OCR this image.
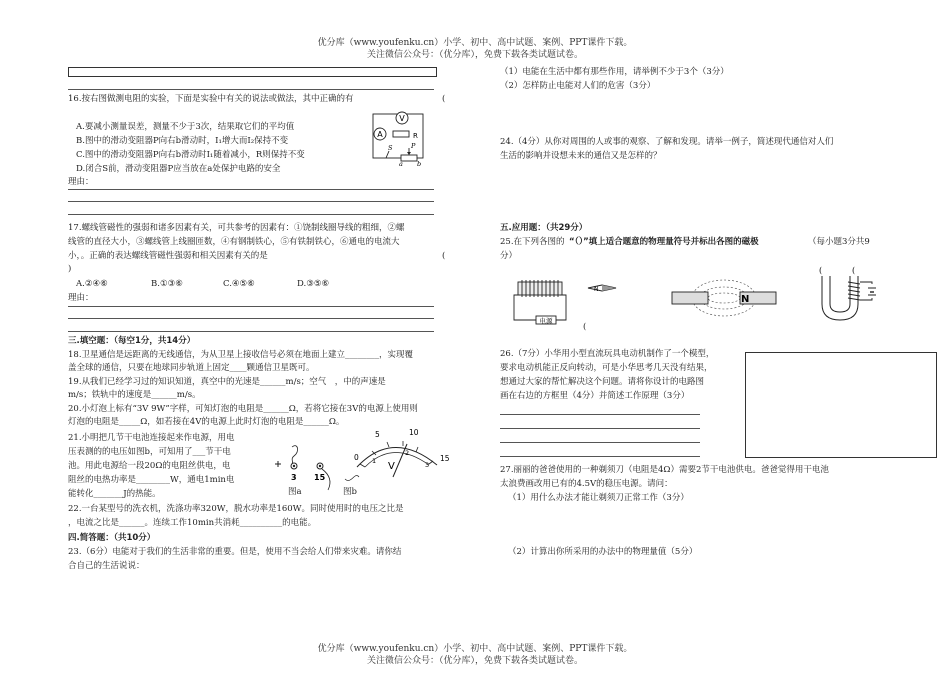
优分库（www.youfenku.cn）小学、初中、高中试题、案例、PPT课件下载。
关注微信公众号：（优分库），免费下载各类试题试卷。
优分库（www.youfenku.cn）小学、初中、高中试题、案例、PPT课件下载。
关注微信公众号：（优分库），免费下载各类试题试卷。
16.按右图做测电阻的实验，下面是实验中有关的说法或做法，其中正确的有	(
A.要减小测量误差，测量不少于3次，结果取它们的平均值
B.图中的滑动变阻器P向右b滑动时，I₁增大而I₂保持不变
C.图中的滑动变阻器P向右b滑动时I₁随着减小，R则保持不变
D.闭合S前，滑动变阻器P应当放在a处保护电路的安全
理由：
A
V
R
S	P
a b
17.螺线管磁性的强弱和诸多因素有关，可共参考的因素有：①饶制线圈导线的粗细，②螺
线管的直径大小，③螺线管上线圈匝数，④有钢制铁心，⑤有铁制铁心，⑥通电的电流大
小，。正确的表达螺线管磁性强弱和相关因素有关的是	(
)
A.②④⑥	B.①③⑥	C.④⑤⑥	D.③⑤⑥
理由：
三.填空题：（每空1分，共14分）
18.卫星通信是远距离的无线通信，为从卫星上接收信号必须在地面上建立________，实现覆
盖全球的通信，只要在地球同步轨道上固定____颗通信卫星既可。
19.从我们已经学习过的知识知道，真空中的光速是______m/s；空气　，中的声速是
m/s；铁轨中的速度是______m/s。
20.小灯泡上标有“3V 9W”字样，可知灯泡的电阻是______Ω，若将它接在3V的电源上使用则
灯泡的电阻是_____Ω，如若接在4V的电源上此时灯泡的电阻是______Ω。
21.小明把几节干电池连接起来作电源，用电
压表测的的电压如图b，可知用了___节干电
池。用此电源给一段20Ω的电阻丝供电，电
阻丝的电热功率是________W，通电1min电
能转化_______J的热能。
3 15
图a
0
5	10
15
1
2
3
V
图b
22.一台某型号的洗衣机，洗涤功率320W，脱水功率是160W。同时使用时的电压之比是
，电流之比是______。连续工作10min共消耗__________的电能。
四.简答题：（共10分）
23.（6分）电能对于我们的生活非常的重要。但是，使用不当会给人们带来灾难。请你结
合自己的生活说说：
（1）电能在生活中都有那些作用，请举例不少于3个（3分）
（2）怎样防止电能对人们的危害（3分）
24.（4分）从你对周围的人或事的观察、了解和发现。请举一例子，简述现代通信对人们
生活的影响并设想未来的通信又是怎样的？
五.应用题：（共29分）
25.在下列各图的 “（）”填上适合题意的物理量符号并标出各图的磁极	（每小题3分共9
分）
电源
N
(
N
(	(
26.（7分）小华用小型直流玩具电动机制作了一个模型，
要求电动机能正反向转动，可是小华思考几天没有结果，
想通过大家的帮忙解决这个问题。请将你设计的电路图
画在右边的方框里（4分）并简述工作原理（3分）
27.丽丽的爸爸使用的一种剃须刀（电阻是4Ω）需要2节干电池供电。爸爸觉得用干电池
太浪费画改用已有的4.5V的稳压电源。请问：
（1）用什么办法才能让剃须刀正常工作（3分）
（2）计算出你所采用的办法中的物理量值（5分）
